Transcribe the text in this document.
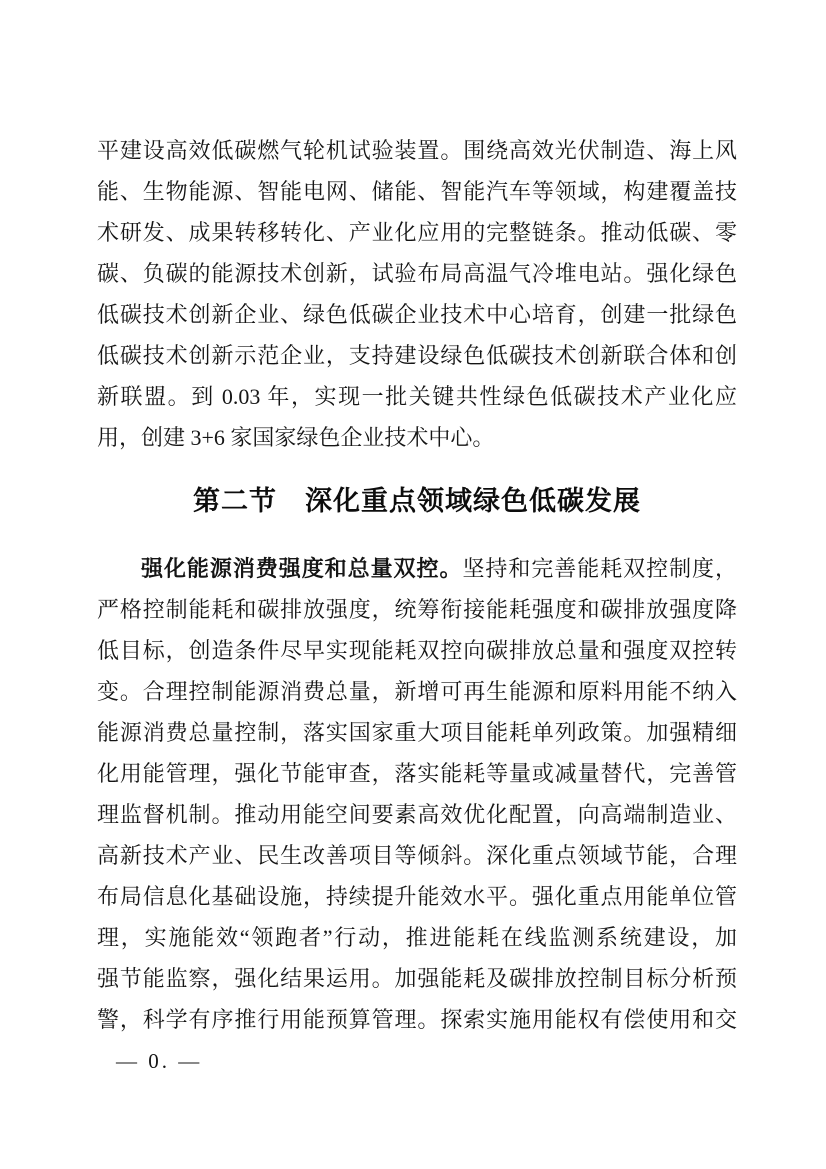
平建设高效低碳燃气轮机试验装置。围绕高效光伏制造、海上风
能、生物能源、智能电网、储能、智能汽车等领域，构建覆盖技
术研发、成果转移转化、产业化应用的完整链条。推动低碳、零
碳、负碳的能源技术创新，试验布局高温气冷堆电站。强化绿色
低碳技术创新企业、绿色低碳企业技术中心培育，创建一批绿色
低碳技术创新示范企业，支持建设绿色低碳技术创新联合体和创
新联盟。到 0.03 年，实现一批关键共性绿色低碳技术产业化应
用，创建 3+6 家国家绿色企业技术中心。
第二节　深化重点领域绿色低碳发展
强化能源消费强度和总量双控。坚持和完善能耗双控制度，
严格控制能耗和碳排放强度，统筹衔接能耗强度和碳排放强度降
低目标，创造条件尽早实现能耗双控向碳排放总量和强度双控转
变。合理控制能源消费总量，新增可再生能源和原料用能不纳入
能源消费总量控制，落实国家重大项目能耗单列政策。加强精细
化用能管理，强化节能审查，落实能耗等量或减量替代，完善管
理监督机制。推动用能空间要素高效优化配置，向高端制造业、
高新技术产业、民生改善项目等倾斜。深化重点领域节能，合理
布局信息化基础设施，持续提升能效水平。强化重点用能单位管
理，实施能效“领跑者”行动，推进能耗在线监测系统建设，加
强节能监察，强化结果运用。加强能耗及碳排放控制目标分析预
警，科学有序推行用能预算管理。探索实施用能权有偿使用和交
— 0. —
